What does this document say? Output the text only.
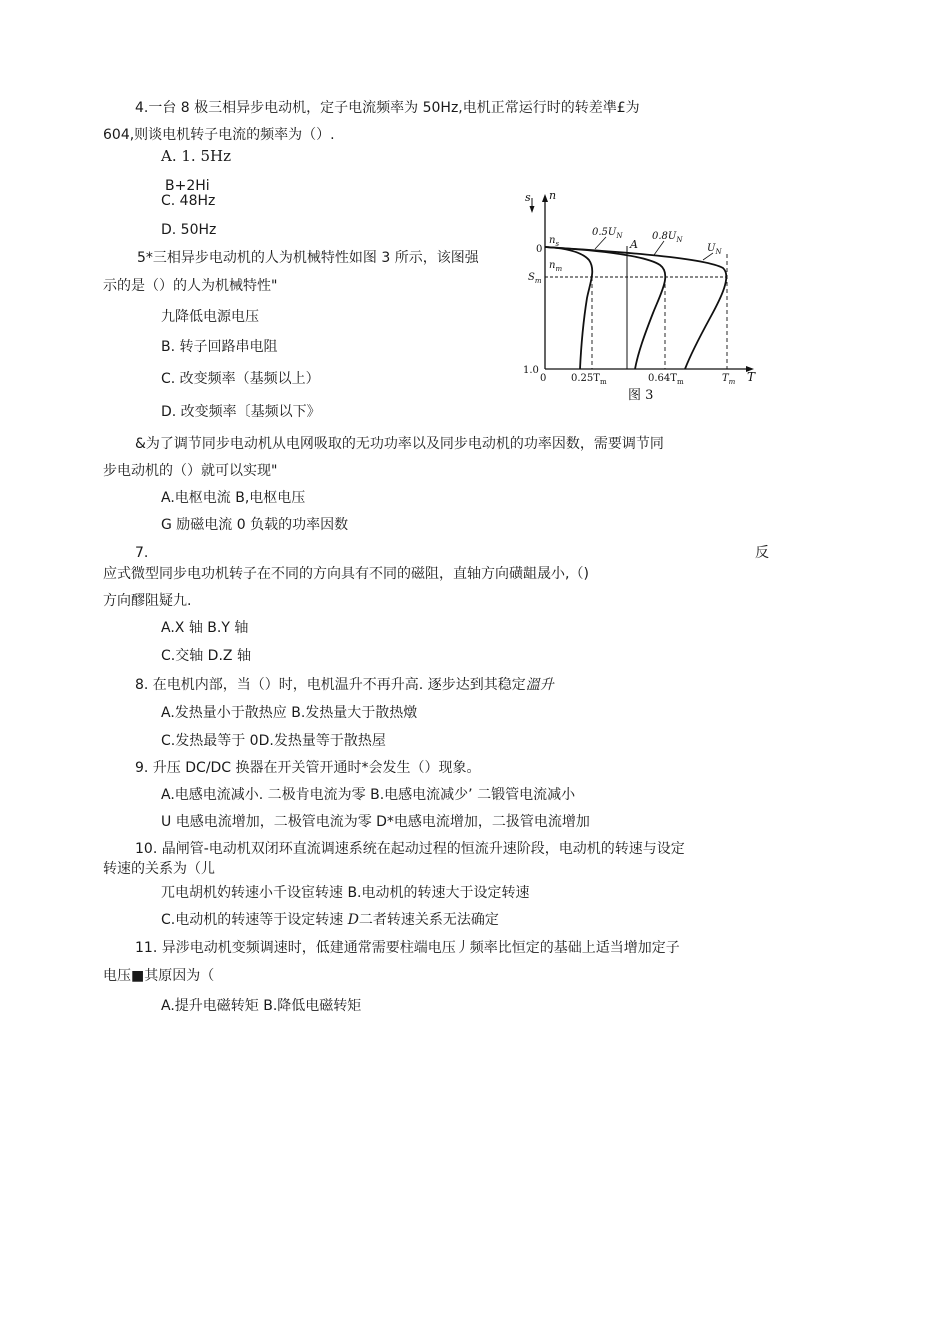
4.一台 8 极三相异步电动机，定子电流频率为 50Hz,电机正常运行时的转差凖£为
604,则谈电机转子电流的频率为（）.
A. 1. 5Hz
B+2Hi
C. 48Hz
D. 50Hz
5*三相异步电动机的人为机械特性如图 3 所示，该图强
示的是（）的人为机械特性"
九降低电源电压
B. 转子回路串电阻
C. 改变频率（基频以上）
D. 改变频率〔基频以下》
s n
T
0
$n_s$
$n_m$
$S_m$
1.0
0
A
$0.5U_N$	$0.8U_N$
$U_N$
$0.25T_m$	$0.64T_m$	$T_m$
图 3
&为了调节同步电动机从电网吸取的无功功率以及同步电动机的功率因数，需要调节同
步电动机的（）就可以实现"
A.电枢电流 B,电枢电压
G 励磁电流 0 负载的功率因数
7.	反
应式微型同步电功机转子在不同的方向具有不同的磁阻，直轴方向磺龃晟小,（)
方向醪阻疑九.
A.X 轴 B.Y 轴
C.交轴 D.Z 轴
8. 在电机内部，当（）时，电机温升不再升高. 逐步达到其稳定溫升
A.发热量小于散热应 B.发热量大于散热燉
C.发热最等于 0D.发热量等于散热屋
9. 升压 DC/DC 换器在开关管开通时*会发生（）现象。
A.电感电流减小. 二极肯电流为零 B.电感电流减少’ 二锻管电流减小
U 电感电流增加，二极管电流为零 D*电感电流增加，二扱管电流增加
10. 晶闸管-电动机双闭环直流调速系统在起动过程的恒流升速阶段，电动机的转速与设定
转速的关系为（儿
兀电胡机妁转速小千设宦转速 B.电动机的转速大于设定转速
C.电动机的转速等于设定转速 D二者转速关系无法确定
11. 异涉电动机变频调速时，低建通常需要柱端电压丿频率比恒定的基础上适当增加定子
电压■其原因为（
A.提升电磁转矩 B.降低电磁转矩
